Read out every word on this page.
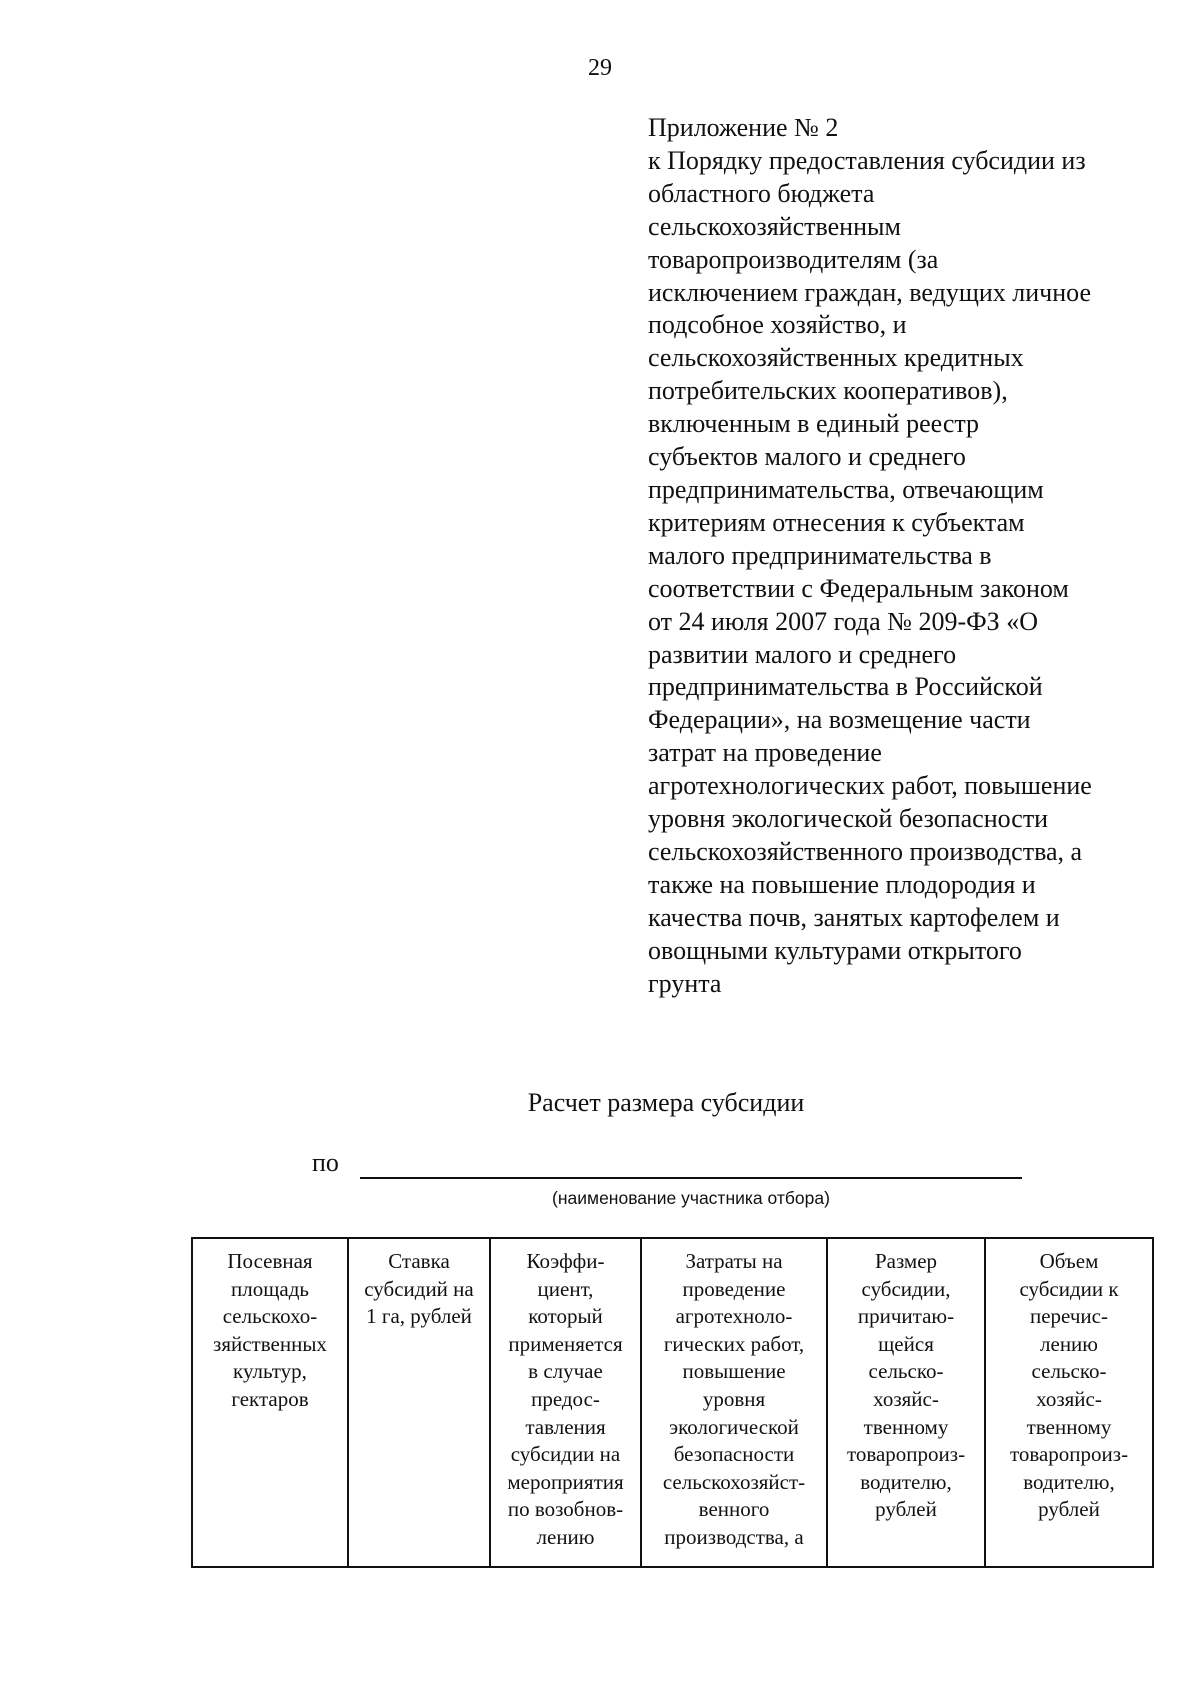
29
Приложение № 2
к Порядку предоставления субсидии из
областного бюджета
сельскохозяйственным
товаропроизводителям (за
исключением граждан, ведущих личное
подсобное хозяйство, и
сельскохозяйственных кредитных
потребительских кооперативов),
включенным в единый реестр
субъектов малого и среднего
предпринимательства, отвечающим
критериям отнесения к субъектам
малого предпринимательства в
соответствии с Федеральным законом
от 24 июля 2007 года № 209-ФЗ «О
развитии малого и среднего
предпринимательства в Российской
Федерации», на возмещение части
затрат на проведение
агротехнологических работ, повышение
уровня экологической безопасности
сельскохозяйственного производства, а
также на повышение плодородия и
качества почв, занятых картофелем и
овощными культурами открытого
грунта
Расчет размера субсидии
по
(наименование участника отбора)
Посевная
площадь
сельскохо-
зяйственных
культур,
гектаров	Ставка
субсидий на
1 га, рублей	Коэффи-
циент,
который
применяется
в случае
предос-
тавления
субсидии на
мероприятия
по возобнов-
лению	Затраты на
проведение
агротехноло-
гических работ,
повышение
уровня
экологической
безопасности
сельскохозяйст-
венного
производства, а	Размер
субсидии,
причитаю-
щейся
сельско-
хозяйс-
твенному
товаропроиз-
водителю,
рублей	Объем
субсидии к
перечис-
лению
сельско-
хозяйс-
твенному
товаропроиз-
водителю,
рублей
